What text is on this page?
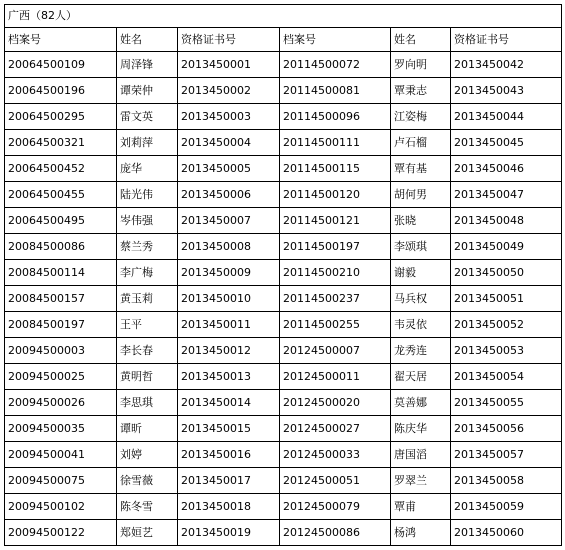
广西（82人）					
档案号	姓名	资格证书号	档案号	姓名	资格证书号
20064500109	周泽锋	2013450001	20114500072	罗向明	2013450042
20064500196	谭荣仲	2013450002	20114500081	覃秉志	2013450043
20064500295	雷文英	2013450003	20114500096	江姿梅	2013450044
20064500321	刘莉萍	2013450004	20114500111	卢石榴	2013450045
20064500452	庞华	2013450005	20114500115	覃有基	2013450046
20064500455	陆光伟	2013450006	20114500120	胡何男	2013450047
20064500495	岑伟强	2013450007	20114500121	张晓	2013450048
20084500086	蔡兰秀	2013450008	20114500197	李颂琪	2013450049
20084500114	李广梅	2013450009	20114500210	谢毅	2013450050
20084500157	黄玉莉	2013450010	20114500237	马兵权	2013450051
20084500197	王平	2013450011	20114500255	韦灵依	2013450052
20094500003	李长春	2013450012	20124500007	龙秀连	2013450053
20094500025	黄明哲	2013450013	20124500011	翟天居	2013450054
20094500026	李思琪	2013450014	20124500020	莫善娜	2013450055
20094500035	谭昕	2013450015	20124500027	陈庆华	2013450056
20094500041	刘婷	2013450016	20124500033	唐国滔	2013450057
20094500075	徐雪薇	2013450017	20124500051	罗翠兰	2013450058
20094500102	陈冬雪	2013450018	20124500079	覃甫	2013450059
20094500122	郑姮艺	2013450019	20124500086	杨鸿	2013450060
